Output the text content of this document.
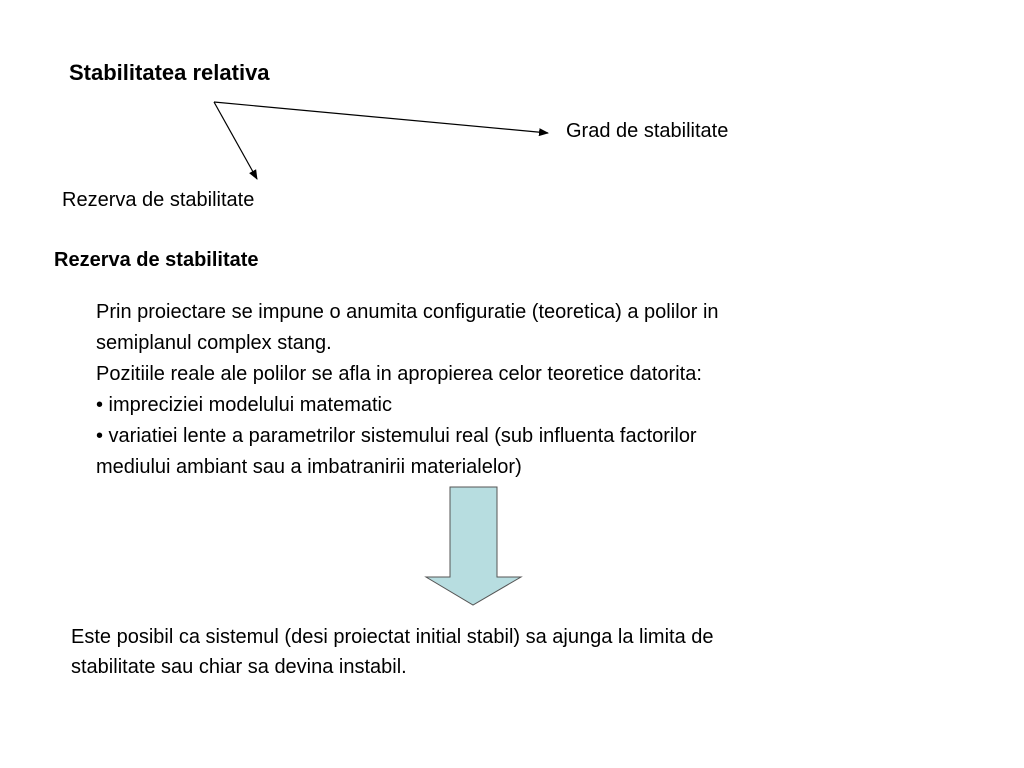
Stabilitatea relativa
Grad de stabilitate
Rezerva de stabilitate
Rezerva de stabilitate
Prin proiectare se impune o anumita configuratie (teoretica) a polilor in
semiplanul complex stang.
Pozitiile reale ale polilor se afla in apropierea celor teoretice datorita:
• impreciziei modelului matematic
• variatiei lente a parametrilor sistemului real (sub influenta factorilor
mediului ambiant sau a imbatranirii materialelor)
Este posibil ca sistemul (desi proiectat initial stabil) sa ajunga la limita de
stabilitate sau chiar sa devina instabil.
